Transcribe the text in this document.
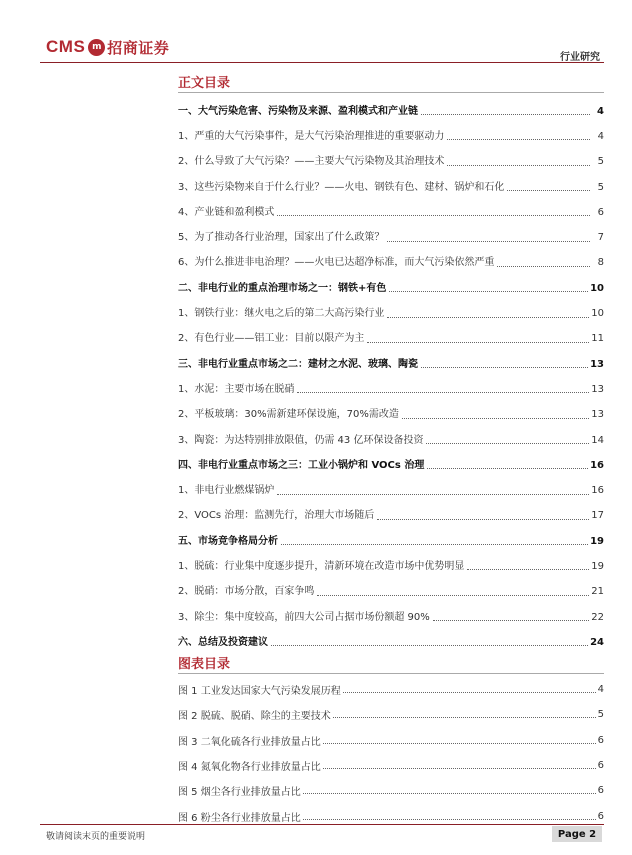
CMS m 招商证券
行业研究
正文目录
一、大气污染危害、污染物及来源、盈利模式和产业链	4
1、严重的大气污染事件，是大气污染治理推进的重要驱动力	4
2、什么导致了大气污染？——主要大气污染物及其治理技术	5
3、这些污染物来自于什么行业？——火电、钢铁有色、建材、锅炉和石化	5
4、产业链和盈利模式	6
5、为了推动各行业治理，国家出了什么政策？	7
6、为什么推进非电治理？——火电已达超净标准，而大气污染依然严重	8
二、非电行业的重点治理市场之一：钢铁+有色	10
1、钢铁行业：继火电之后的第二大高污染行业	10
2、有色行业——铝工业：目前以限产为主	11
三、非电行业重点市场之二：建材之水泥、玻璃、陶瓷	13
1、水泥：主要市场在脱硝	13
2、平板玻璃：30%需新建环保设施，70%需改造	13
3、陶瓷：为达特别排放限值，仍需 43 亿环保设备投资	14
四、非电行业重点市场之三：工业小锅炉和 VOCs 治理	16
1、非电行业燃煤锅炉	16
2、VOCs 治理：监测先行，治理大市场随后	17
五、市场竞争格局分析	19
1、脱硫：行业集中度逐步提升，清新环境在改造市场中优势明显	19
2、脱硝：市场分散，百家争鸣	21
3、除尘：集中度较高，前四大公司占据市场份额超 90%	22
六、总结及投资建议	24
图表目录
图 1 工业发达国家大气污染发展历程	4
图 2 脱硫、脱硝、除尘的主要技术	5
图 3 二氧化硫各行业排放量占比	6
图 4 氮氧化物各行业排放量占比	6
图 5 烟尘各行业排放量占比	6
图 6 粉尘各行业排放量占比	6
敬请阅读末页的重要说明	Page 2
